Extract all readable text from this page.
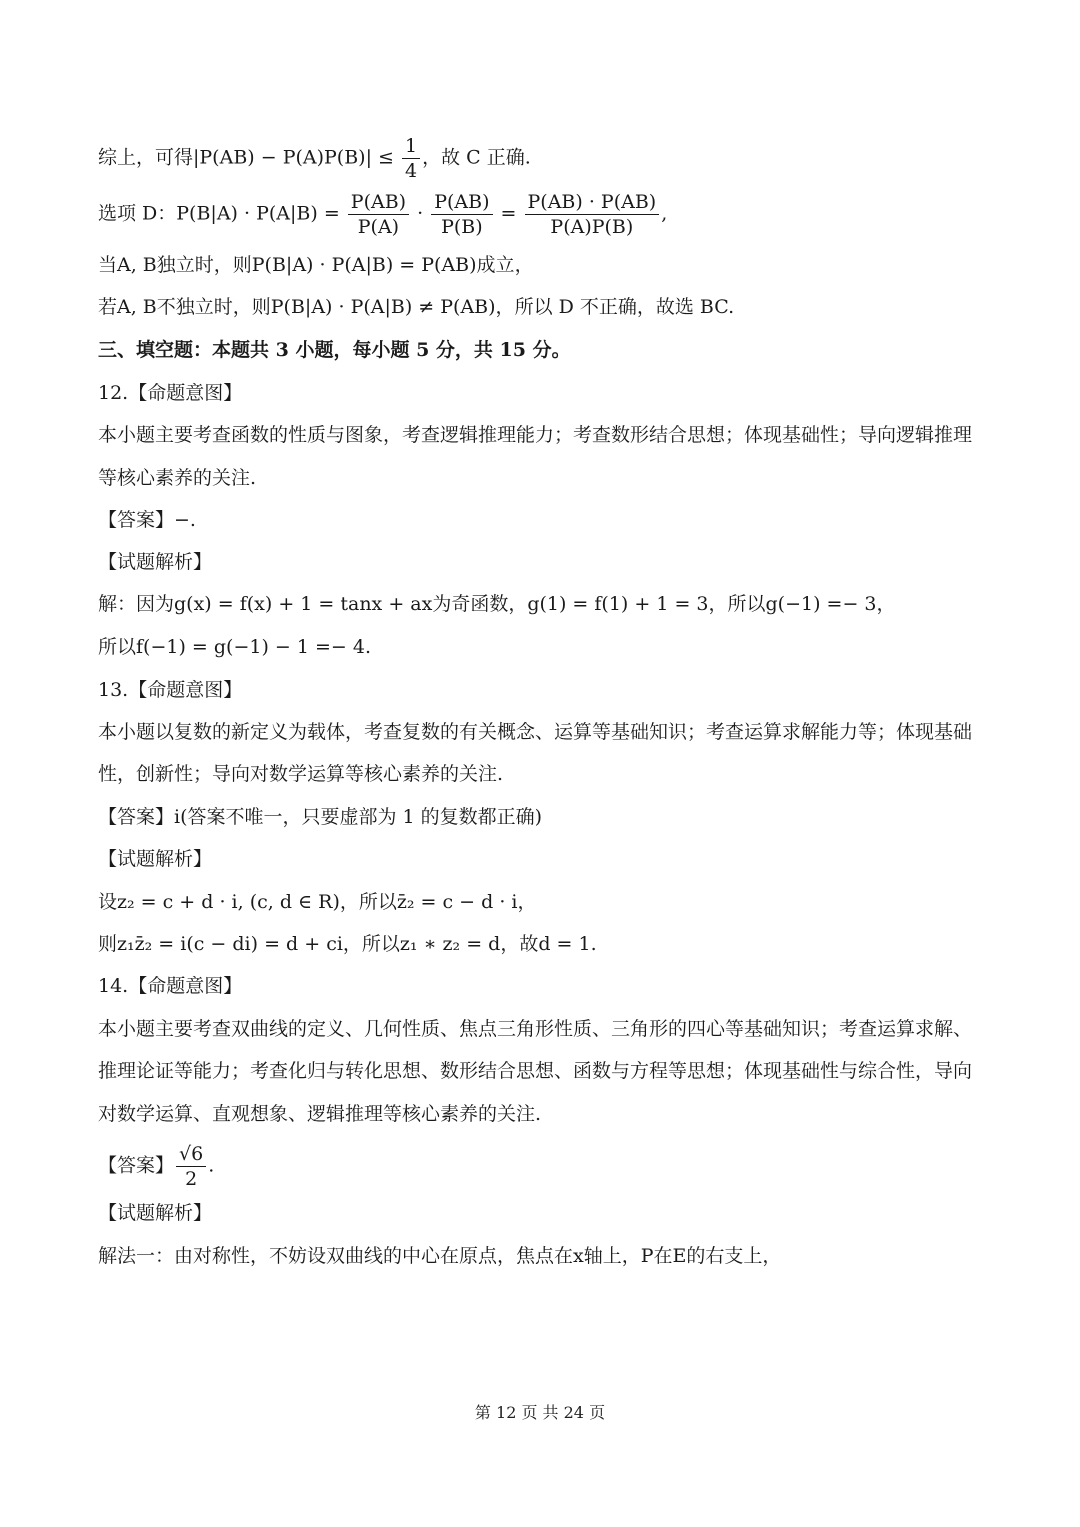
综上，可得$|P(AB) - P(A)P(B)| \le \frac{1}{4}$ ，故 C 正确.
选项 D：$P(B|A) \cdot P(A|B) = \frac{P(AB)}{P(A)} \cdot \frac{P(AB)}{P(B)} = \frac{P(AB) \cdot P(AB)}{P(A)P(B)}$ ,
当A, B独立时，则P(B|A) · P(A|B) = P(AB)成立，
若A, B不独立时，则P(B|A) · P(A|B) ≠ P(AB)，所以 D 不正确，故选 BC.
三、填空题：本题共 3 小题，每小题 5 分，共 15 分。
12.【命题意图】
本小题主要考查函数的性质与图象，考查逻辑推理能力；考查数形结合思想；体现基础性；导向逻辑推理
等核心素养的关注.
【答案】−.
【试题解析】
解：因为g(x) = f(x) + 1 = tanx + ax为奇函数，g(1) = f(1) + 1 = 3，所以g(−1) =− 3，
所以f(−1) = g(−1) − 1 =− 4.
13.【命题意图】
本小题以复数的新定义为载体，考查复数的有关概念、运算等基础知识；考查运算求解能力等；体现基础
性，创新性；导向对数学运算等核心素养的关注.
【答案】i(答案不唯一，只要虚部为 1 的复数都正确)
【试题解析】
设z₂ = c + d · i, (c, d ∈ R)，所以z̄₂ = c − d · i，
则z₁z̄₂ = i(c − di) = d + ci，所以z₁ ∗ z₂ = d，故d = 1.
14.【命题意图】
本小题主要考查双曲线的定义、几何性质、焦点三角形性质、三角形的四心等基础知识；考查运算求解、
推理论证等能力；考查化归与转化思想、数形结合思想、函数与方程等思想；体现基础性与综合性，导向
对数学运算、直观想象、逻辑推理等核心素养的关注.
【答案】 $\frac{√6}{2}$ .
【试题解析】
解法一：由对称性，不妨设双曲线的中心在原点，焦点在x轴上，P在E的右支上，
第 12 页 共 24 页
